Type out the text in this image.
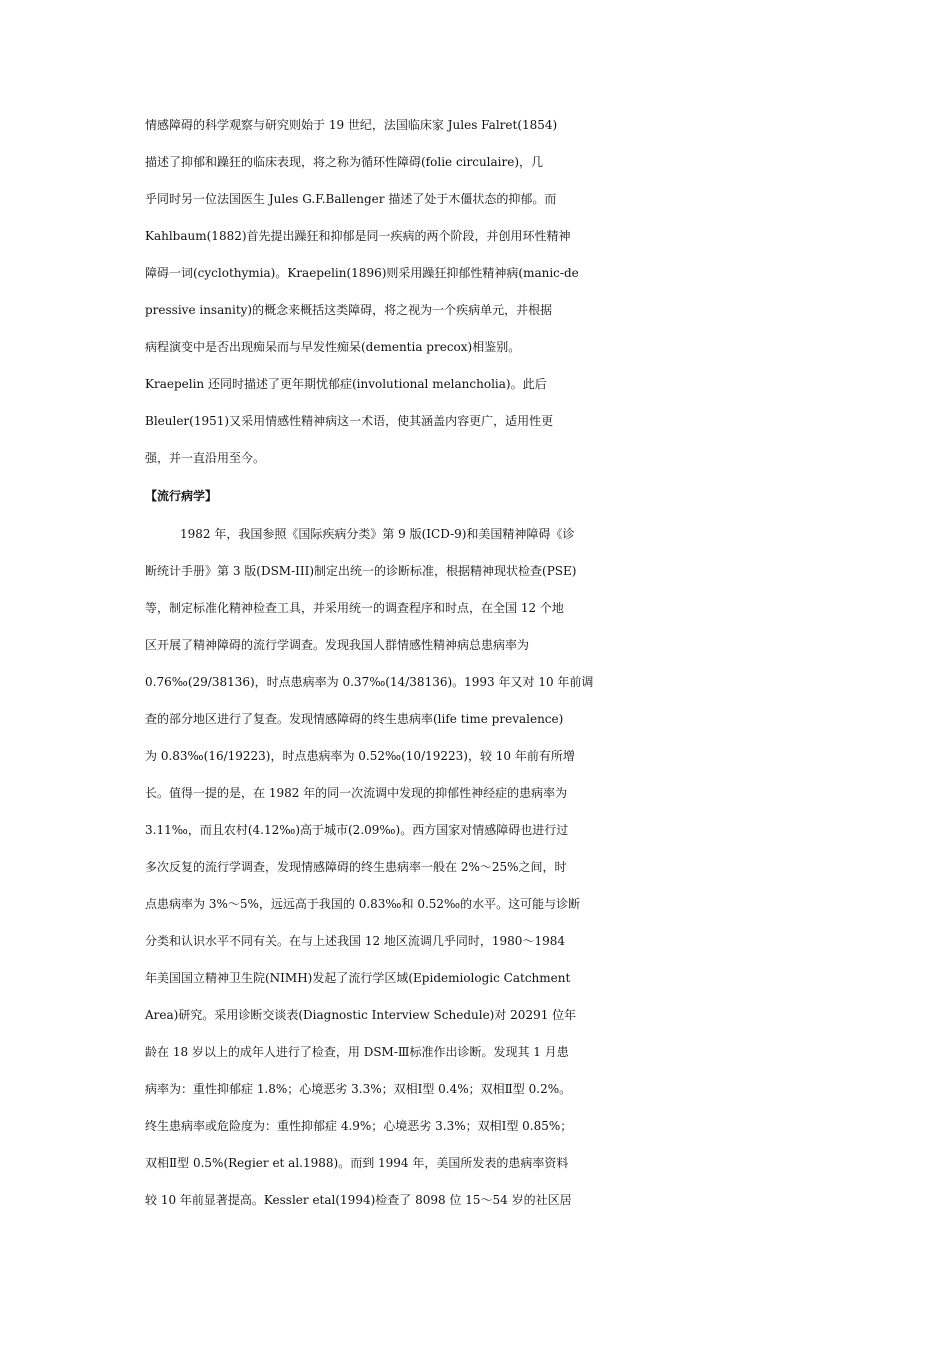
情感障碍的科学观察与研究则始于 19 世纪，法国临床家 Jules Falret(1854)
描述了抑郁和躁狂的临床表现，将之称为循环性障碍(folie circulaire)，几
乎同时另一位法国医生 Jules G.F.Ballenger 描述了处于木僵状态的抑郁。而
Kahlbaum(1882)首先提出躁狂和抑郁是同一疾病的两个阶段，并创用环性精神
障碍一词(cyclothymia)。Kraepelin(1896)则采用躁狂抑郁性精神病(manic-de
pressive insanity)的概念来概括这类障碍，将之视为一个疾病单元，并根据
病程演变中是否出现痴呆而与早发性痴呆(dementia precox)相鉴别。
Kraepelin 还同时描述了更年期忧郁症(involutional melancholia)。此后
Bleuler(1951)又采用情感性精神病这一术语，使其涵盖内容更广，适用性更
强，并一直沿用至今。
【流行病学】
1982 年，我国参照《国际疾病分类》第 9 版(ICD-9)和美国精神障碍《诊
断统计手册》第 3 版(DSM-III)制定出统一的诊断标准，根据精神现状检查(PSE)
等，制定标准化精神检查工具，并采用统一的调查程序和时点，在全国 12 个地
区开展了精神障碍的流行学调查。发现我国人群情感性精神病总患病率为
0.76‰(29/38136)，时点患病率为 0.37‰(14/38136)。1993 年又对 10 年前调
查的部分地区进行了复查。发现情感障碍的终生患病率(life time prevalence)
为 0.83‰(16/19223)，时点患病率为 0.52‰(10/19223)，较 10 年前有所增
长。值得一提的是，在 1982 年的同一次流调中发现的抑郁性神经症的患病率为
3.11‰，而且农村(4.12‰)高于城市(2.09‰)。西方国家对情感障碍也进行过
多次反复的流行学调查，发现情感障碍的终生患病率一般在 2%～25%之间，时
点患病率为 3%～5%，远远高于我国的 0.83‰和 0.52‰的水平。这可能与诊断
分类和认识水平不同有关。在与上述我国 12 地区流调几乎同时，1980～1984
年美国国立精神卫生院(NIMH)发起了流行学区域(Epidemiologic Catchment
Area)研究。采用诊断交谈表(Diagnostic Interview Schedule)对 20291 位年
龄在 18 岁以上的成年人进行了检查，用 DSM-Ⅲ标准作出诊断。发现其 1 月患
病率为：重性抑郁症 1.8%；心境恶劣 3.3%；双相Ⅰ型 0.4%；双相Ⅱ型 0.2%。
终生患病率或危险度为：重性抑郁症 4.9%；心境恶劣 3.3%；双相Ⅰ型 0.85%；
双相Ⅱ型 0.5%(Regier et al.1988)。而到 1994 年，美国所发表的患病率资料
较 10 年前显著提高。Kessler etal(1994)检查了 8098 位 15～54 岁的社区居
